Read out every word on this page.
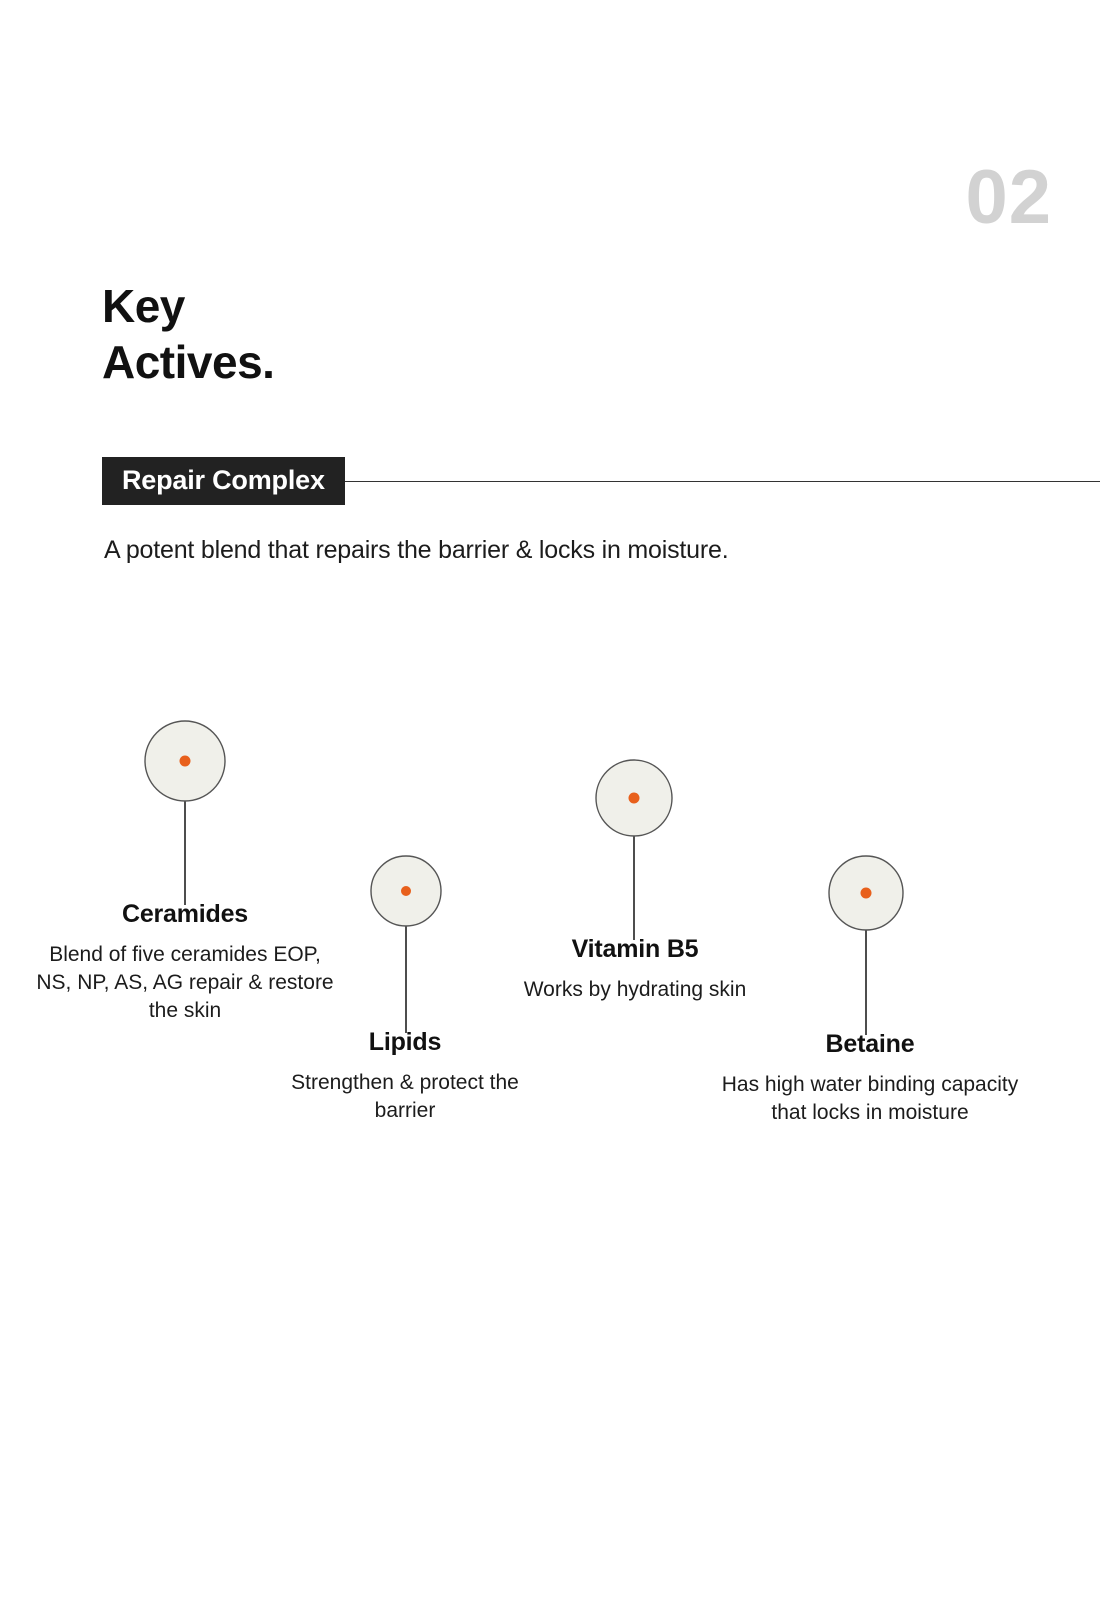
02
Key
Actives.
Repair Complex
A potent blend that repairs the barrier & locks in moisture.
Ceramides
Blend of five ceramides EOP, NS, NP, AS, AG repair & restore the skin
Lipids
Strengthen & protect the barrier
Vitamin B5
Works by hydrating skin
Betaine
Has high water binding capacity that locks in moisture
